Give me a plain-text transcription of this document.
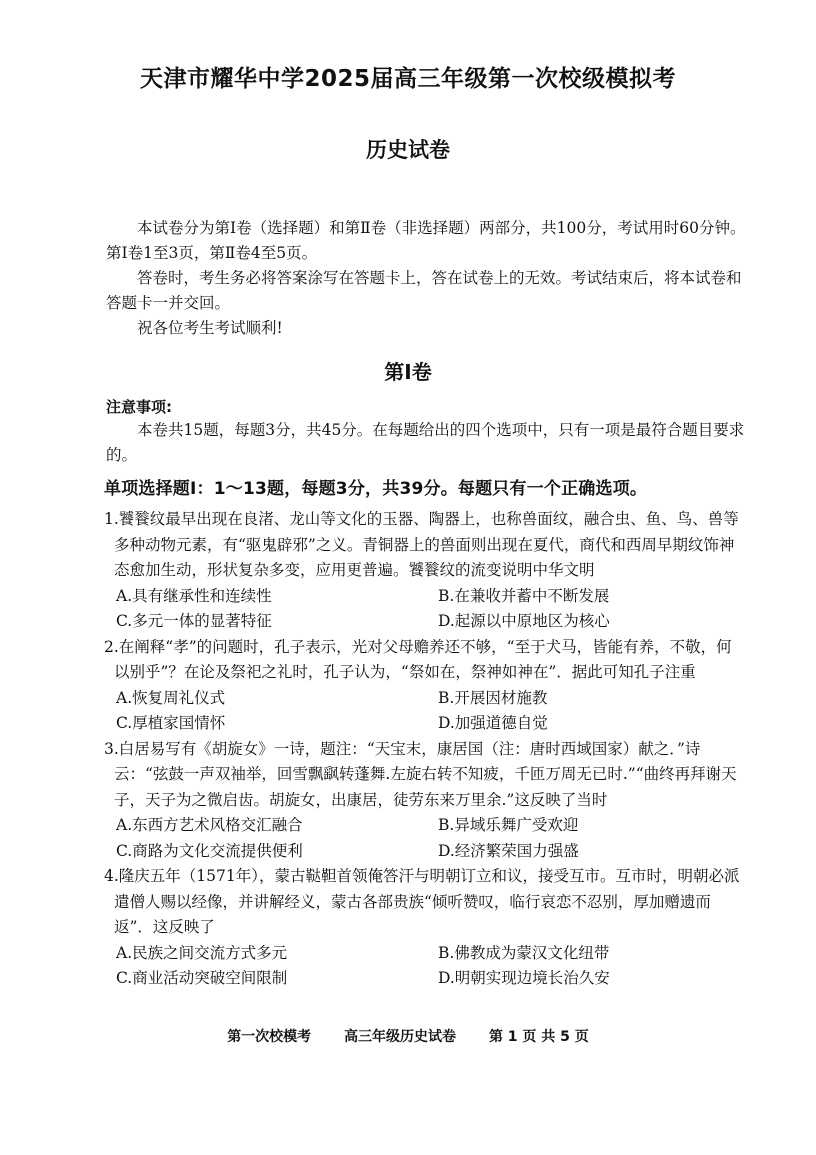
天津市耀华中学2025届高三年级第一次校级模拟考
历史试卷

本试卷分为第Ⅰ卷（选择题）和第Ⅱ卷（非选择题）两部分，共100分，考试用时60分钟。第Ⅰ卷1至3页，第Ⅱ卷4至5页。

答卷时，考生务必将答案涂写在答题卡上，答在试卷上的无效。考试结束后，将本试卷和答题卡一并交回。

祝各位考生考试顺利!

第Ⅰ卷
注意事项:
本卷共15题，每题3分，共45分。在每题给出的四个选项中，只有一项是最符合题目要求的。
单项选择题Ⅰ：1～13题，每题3分，共39分。每题只有一个正确选项。

1.饕餮纹最早出现在良渚、龙山等文化的玉器、陶器上，也称兽面纹，融合虫、鱼、鸟、兽等多种动物元素，有“驱鬼辟邪”之义。青铜器上的兽面则出现在夏代，商代和西周早期纹饰神态愈加生动，形状复杂多变，应用更普遍。饕餮纹的流变说明中华文明

A.具有继承性和连续性	B.在兼收并蓄中不断发展
C.多元一体的显著特征	D.起源以中原地区为核心

2.在阐释“孝”的问题时，孔子表示，光对父母赡养还不够，“至于犬马，皆能有养，不敬，何以别乎”？在论及祭祀之礼时，孔子认为，“祭如在，祭神如神在”．据此可知孔子注重

A.恢复周礼仪式	B.开展因材施教
C.厚植家国情怀	D.加强道德自觉

3.白居易写有《胡旋女》一诗，题注：“天宝末，康居国（注：唐时西域国家）献之．”诗云：“弦鼓一声双袖举，回雪飘飖转蓬舞.左旋右转不知疲，千匝万周无已时.”“曲终再拜谢天子，天子为之微启齿。胡旋女，出康居，徒劳东来万里余.”这反映了当时

A.东西方艺术风格交汇融合	B.异域乐舞广受欢迎
C.商路为文化交流提供便利	D.经济繁荣国力强盛

4.隆庆五年（1571年），蒙古鞑靼首领俺答汗与明朝订立和议，接受互市。互市时，明朝必派遣僧人赐以经像，并讲解经义，蒙古各部贵族“倾听赞叹，临行哀恋不忍别，厚加赠遗而返”．这反映了

A.民族之间交流方式多元	B.佛教成为蒙汉文化纽带
C.商业活动突破空间限制	D.明朝实现边境长治久安
第一次校模考 高三年级历史试卷 第 1 页 共 5 页
